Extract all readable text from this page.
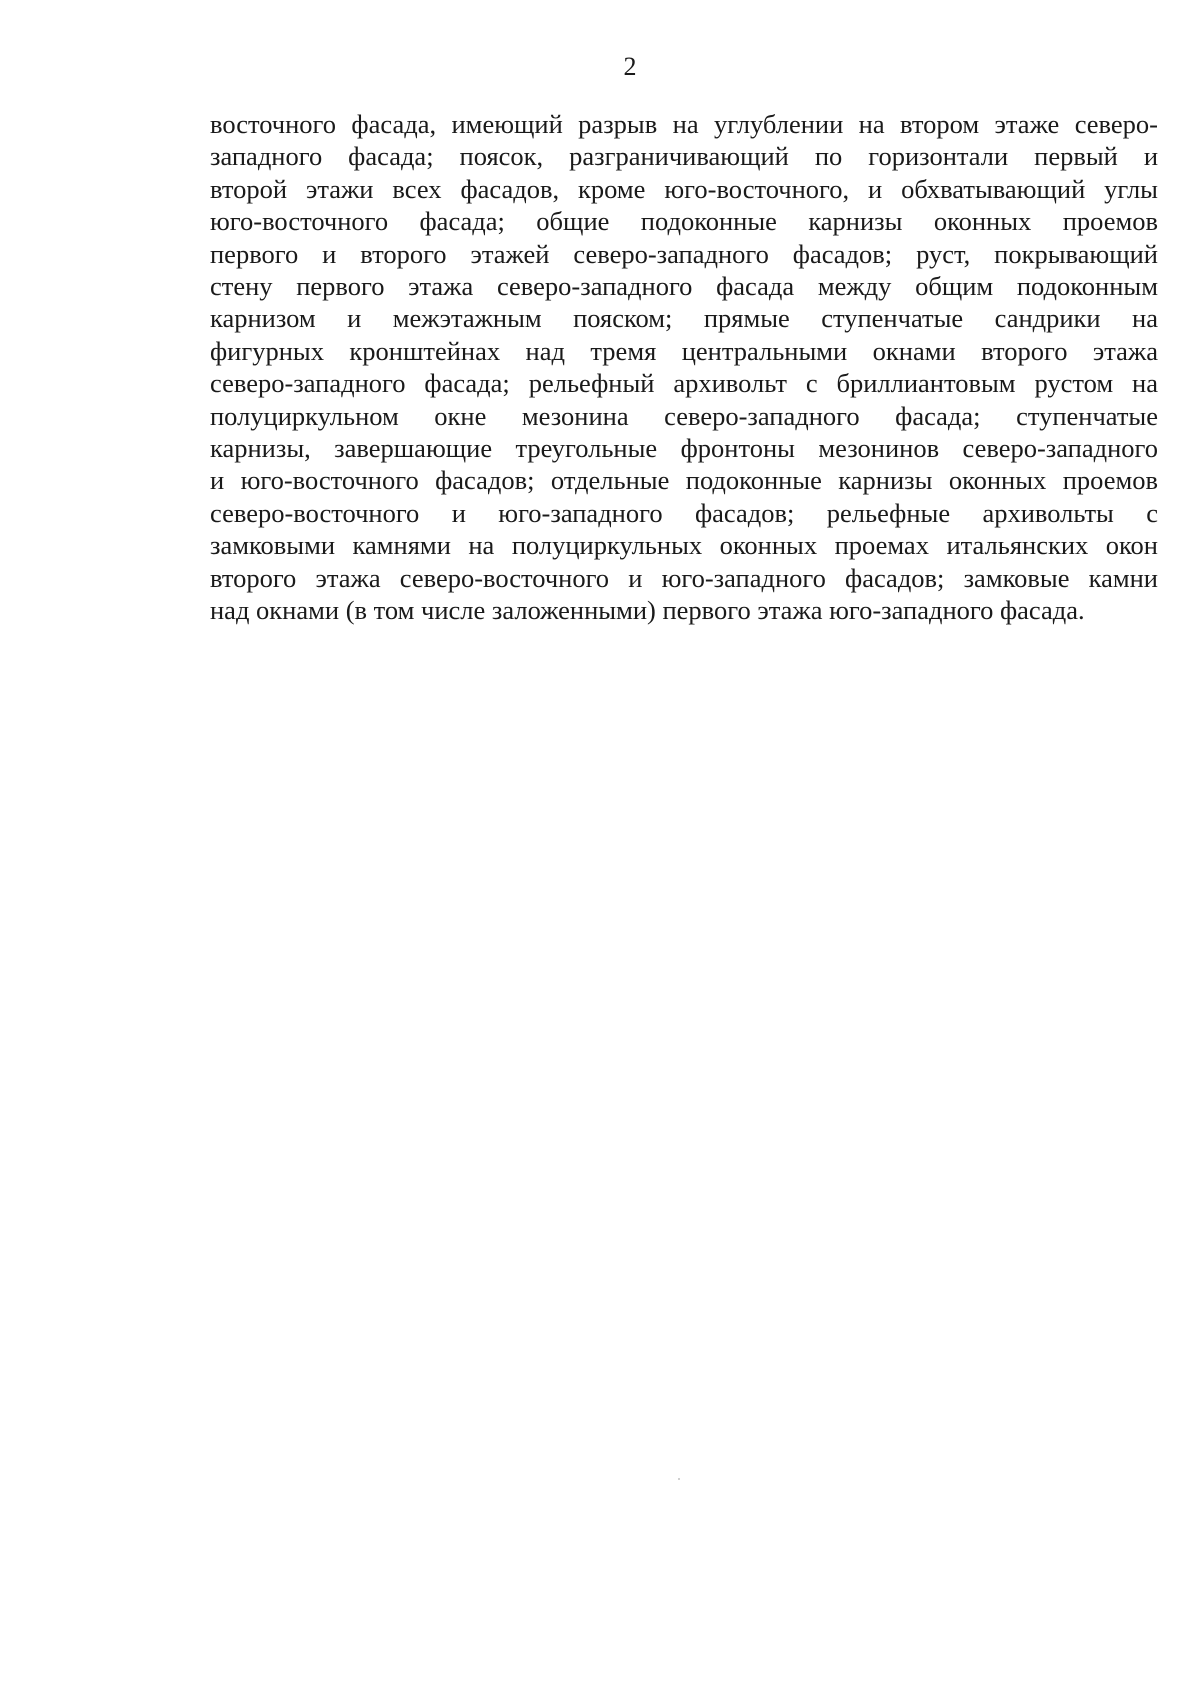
2
восточного фасада, имеющий разрыв на углублении на втором этаже северо-
западного фасада; поясок, разграничивающий по горизонтали первый и
второй этажи всех фасадов, кроме юго-восточного, и обхватывающий углы
юго-восточного фасада; общие подоконные карнизы оконных проемов
первого и второго этажей северо-западного фасадов; руст, покрывающий
стену первого этажа северо-западного фасада между общим подоконным
карнизом и межэтажным пояском; прямые ступенчатые сандрики на
фигурных кронштейнах над тремя центральными окнами второго этажа
северо-западного фасада; рельефный архивольт с бриллиантовым рустом на
полуциркульном окне мезонина северо-западного фасада; ступенчатые
карнизы, завершающие треугольные фронтоны мезонинов северо-западного
и юго-восточного фасадов; отдельные подоконные карнизы оконных проемов
северо-восточного и юго-западного фасадов; рельефные архивольты с
замковыми камнями на полуциркульных оконных проемах итальянских окон
второго этажа северо-восточного и юго-западного фасадов; замковые камни
над окнами (в том числе заложенными) первого этажа юго-западного фасада.
